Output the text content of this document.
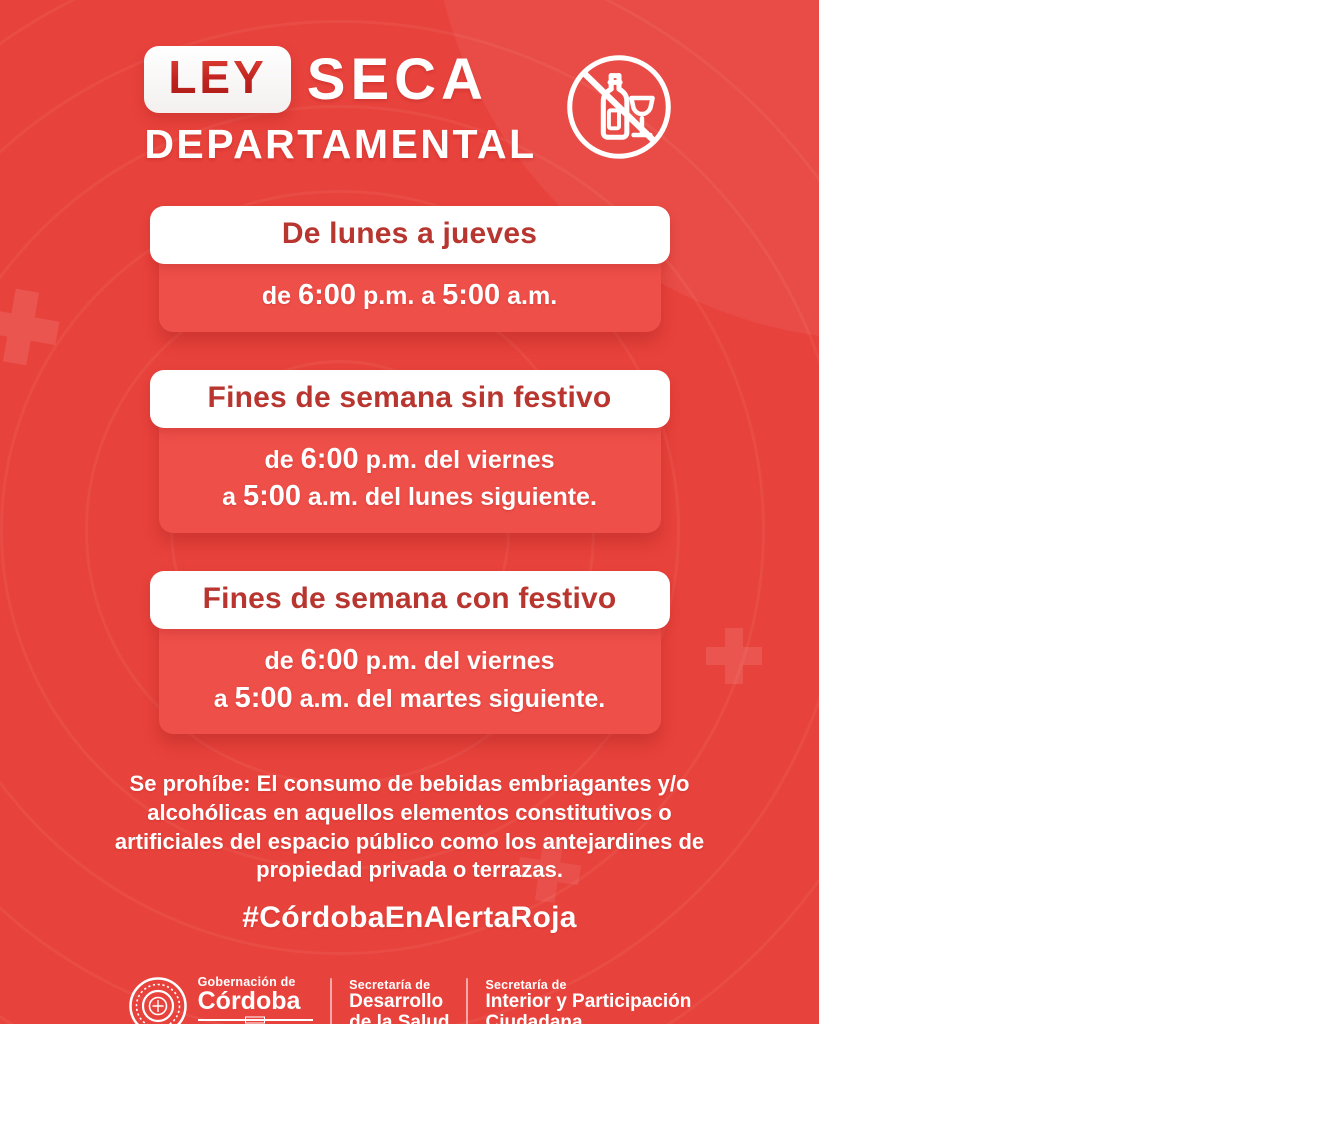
LEY SECA
DEPARTAMENTAL
De lunes a jueves

de 6:00 p.m. a 5:00 a.m.

Fines de semana sin festivo

de 6:00 p.m. del viernes

a 5:00 a.m. del lunes siguiente.

Fines de semana con festivo

de 6:00 p.m. del viernes

a 5:00 a.m. del martes siguiente.

Se prohíbe: El consumo de bebidas embriagantes y/o

alcohólicas en aquellos elementos constitutivos o

artificiales del espacio público como los antejardines de

propiedad privada o terrazas.

#CórdobaEnAlertaRoja
Gobernación de
Córdoba
Ahora le toca al pueblo
Secretaría de
Desarrollo
de la Salud
Secretaría de
Interior y Participación
Ciudadana
